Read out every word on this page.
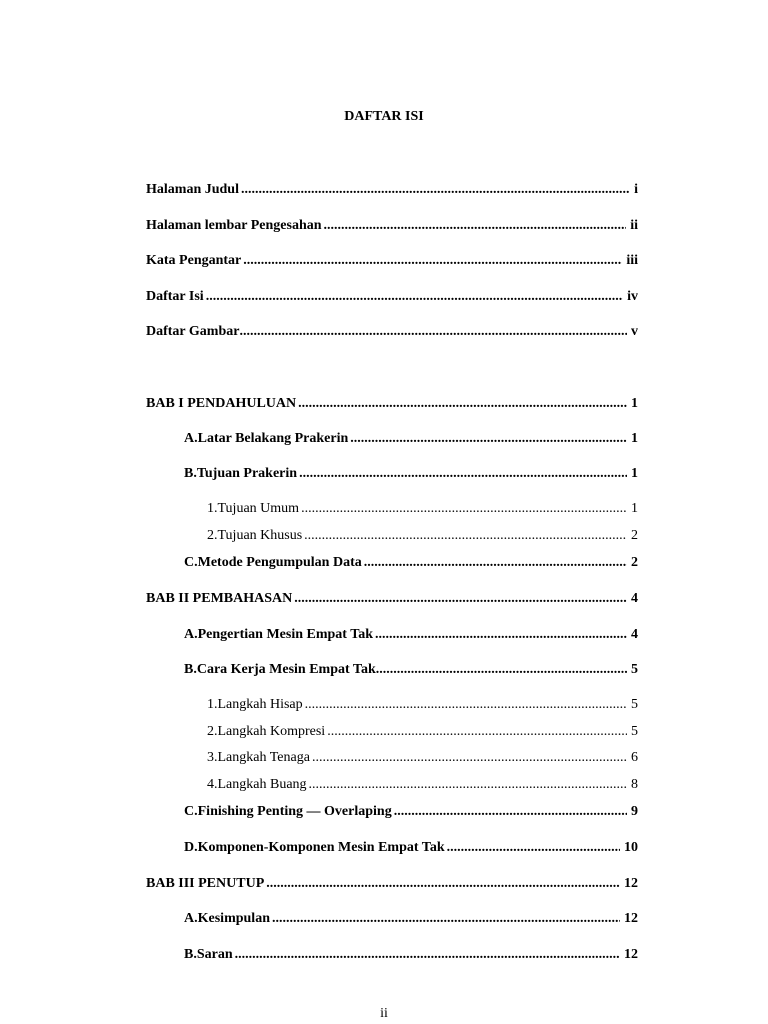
DAFTAR ISI
Halaman Judul .....	i
Halaman lembar Pengesahan .....	ii
Kata Pengantar .....	iii
Daftar Isi .....	iv
Daftar Gambar .....	v
BAB I PENDAHULUAN .....	1
A. Latar Belakang Prakerin .....	1
B. Tujuan Prakerin .....	1
1. Tujuan Umum .....	1
2. Tujuan Khusus .....	2
C. Metode Pengumpulan Data .....	2
BAB II PEMBAHASAN .....	4
A. Pengertian Mesin Empat Tak .....	4
B. Cara Kerja Mesin Empat Tak .....	5
1. Langkah Hisap .....	5
2. Langkah Kompresi .....	5
3. Langkah Tenaga .....	6
4. Langkah Buang .....	8
C. Finishing Penting — Overlaping .....	9
D. Komponen-Komponen Mesin Empat Tak .....	10
BAB III PENUTUP .....	12
A. Kesimpulan .....	12
B. Saran .....	12
ii
